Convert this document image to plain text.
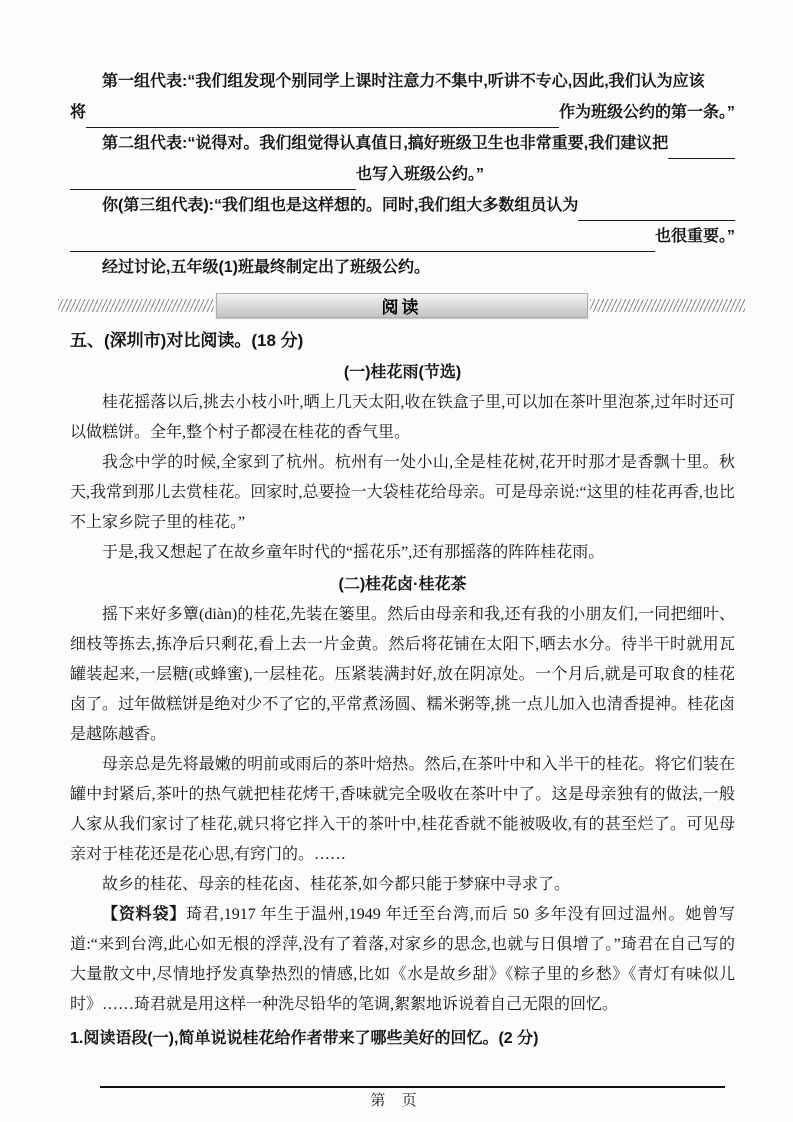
第一组代表:“我们组发现个别同学上课时注意力不集中,听讲不专心,因此,我们认为应该
将	作为班级公约的第一条。”
第二组代表:“说得对。我们组觉得认真值日,搞好班级卫生也非常重要,我们建议把
也写入班级公约。”
你(第三组代表):“我们组也是这样想的。同时,我们组大多数组员认为
也很重要。”
经过讨论,五年级(1)班最终制定出了班级公约。
阅读
五、(深圳市)对比阅读。(18 分)
(一)桂花雨(节选)

桂花摇落以后,挑去小枝小叶,晒上几天太阳,收在铁盒子里,可以加在茶叶里泡茶,过年时还可以做糕饼。全年,整个村子都浸在桂花的香气里。

我念中学的时候,全家到了杭州。杭州有一处小山,全是桂花树,花开时那才是香飘十里。秋天,我常到那儿去赏桂花。回家时,总要捡一大袋桂花给母亲。可是母亲说:“这里的桂花再香,也比不上家乡院子里的桂花。”

于是,我又想起了在故乡童年时代的“摇花乐”,还有那摇落的阵阵桂花雨。

(二)桂花卤·桂花茶

摇下来好多簟(diàn)的桂花,先装在篓里。然后由母亲和我,还有我的小朋友们,一同把细叶、细枝等拣去,拣净后只剩花,看上去一片金黄。然后将花铺在太阳下,晒去水分。待半干时就用瓦罐装起来,一层糖(或蜂蜜),一层桂花。压紧装满封好,放在阴凉处。一个月后,就是可取食的桂花卤了。过年做糕饼是绝对少不了它的,平常煮汤圆、糯米粥等,挑一点儿加入也清香提神。桂花卤是越陈越香。

母亲总是先将最嫩的明前或雨后的茶叶焙热。然后,在茶叶中和入半干的桂花。将它们装在罐中封紧后,茶叶的热气就把桂花烤干,香味就完全吸收在茶叶中了。这是母亲独有的做法,一般人家从我们家讨了桂花,就只将它拌入干的茶叶中,桂花香就不能被吸收,有的甚至烂了。可见母亲对于桂花还是花心思,有窍门的。……

故乡的桂花、母亲的桂花卤、桂花茶,如今都只能于梦寐中寻求了。

【资料袋】琦君,1917 年生于温州,1949 年迁至台湾,而后 50 多年没有回过温州。她曾写道:“来到台湾,此心如无根的浮萍,没有了着落,对家乡的思念,也就与日俱增了。”琦君在自己写的大量散文中,尽情地抒发真挚热烈的情感,比如《水是故乡甜》《粽子里的乡愁》《青灯有味似儿时》……琦君就是用这样一种洗尽铅华的笔调,絮絮地诉说着自己无限的回忆。

1.阅读语段(一),简单说说桂花给作者带来了哪些美好的回忆。(2 分)
第 页
